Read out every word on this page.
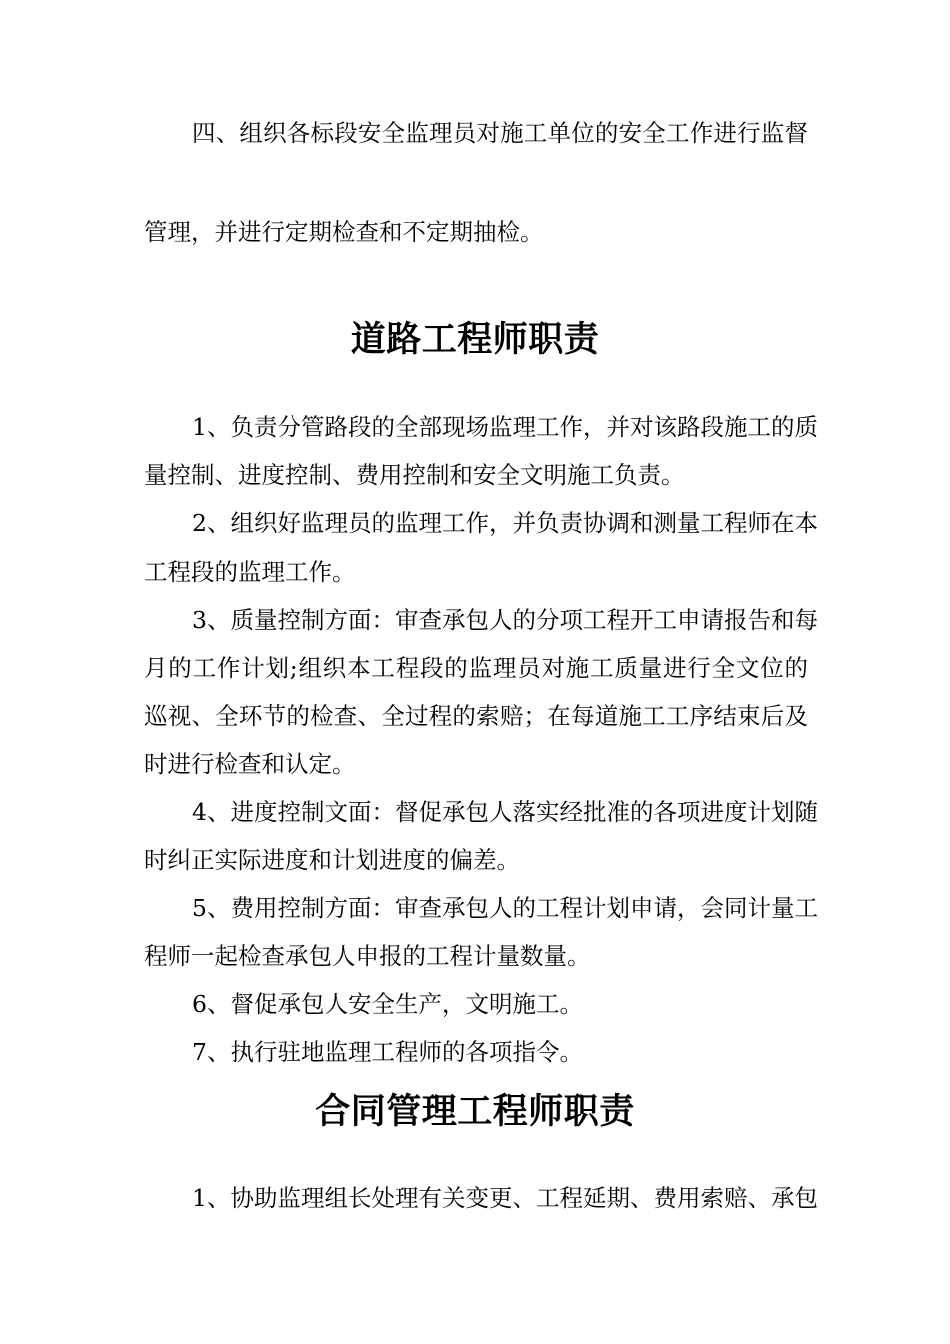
四、组织各标段安全监理员对施工单位的安全工作进行监督
管理，并进行定期检查和不定期抽检。
道路工程师职责
1、负责分管路段的全部现场监理工作，并对该路段施工的质
量控制、进度控制、费用控制和安全文明施工负责。
2、组织好监理员的监理工作，并负责协调和测量工程师在本
工程段的监理工作。
3、质量控制方面：审查承包人的分项工程开工申请报告和每
月的工作计划;组织本工程段的监理员对施工质量进行全文位的
巡视、全环节的检查、全过程的索赔；在每道施工工序结束后及
时进行检查和认定。
4、进度控制文面：督促承包人落实经批准的各项进度计划随
时纠正实际进度和计划进度的偏差。
5、费用控制方面：审查承包人的工程计划申请，会同计量工
程师一起检查承包人申报的工程计量数量。
6、督促承包人安全生产，文明施工。
7、执行驻地监理工程师的各项指令。
合同管理工程师职责
1、协助监理组长处理有关变更、工程延期、费用索赔、承包
